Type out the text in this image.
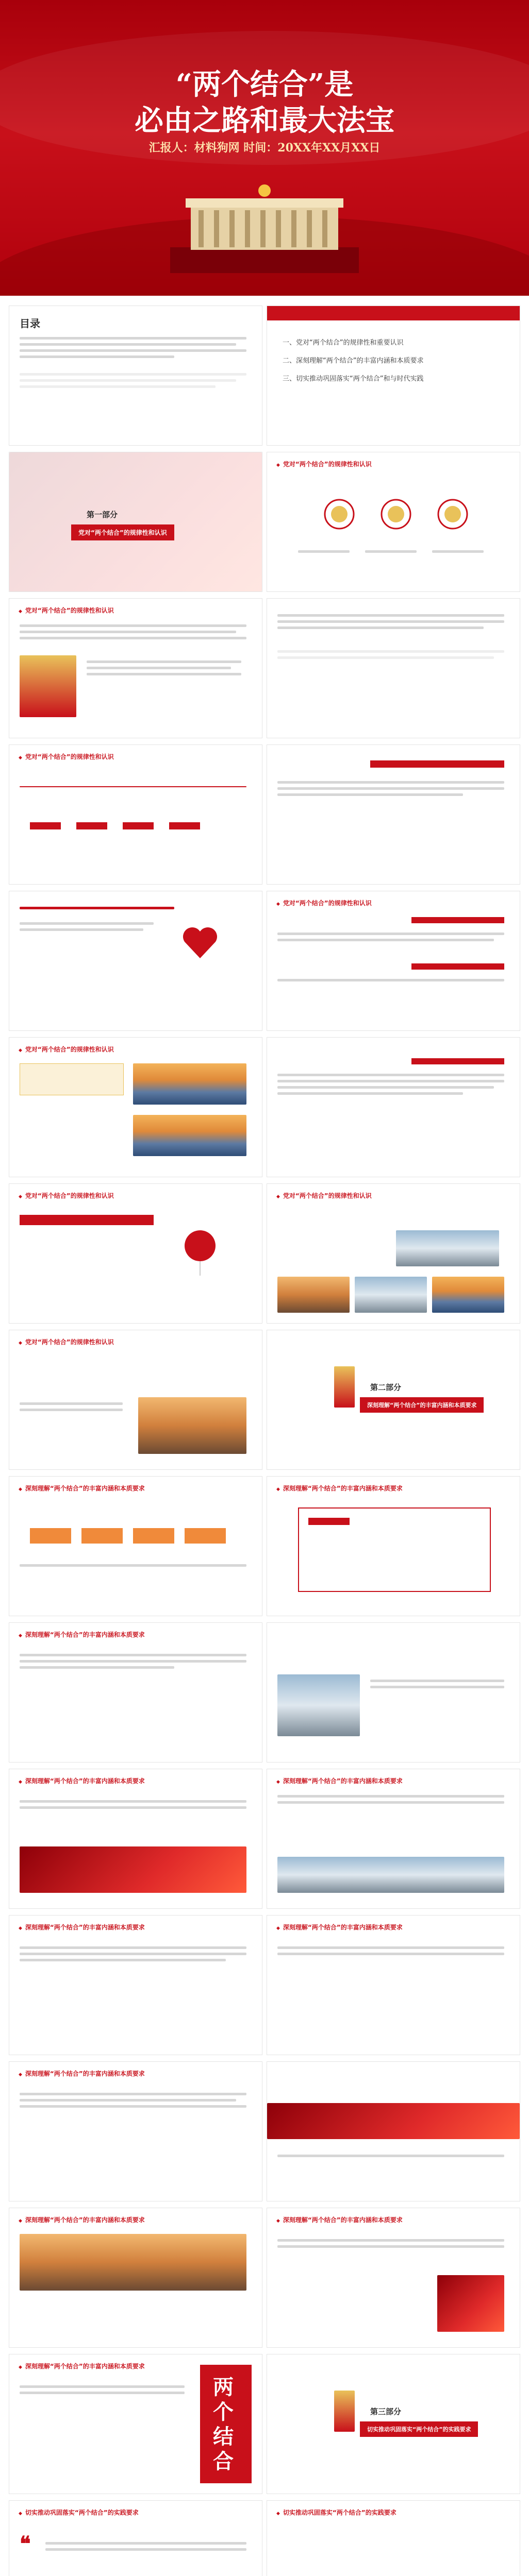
“两个结合”是
必由之路和最大法宝
汇报人：材料狗网 时间：20XX年XX月XX日
目录
一、党对“两个结合”的规律性和重要认识
二、深刻理解“两个结合”的丰富内涵和本质要求
三、切实推动巩固落实“两个结合”和与时代实践
第一部分
党对“两个结合”的规律性和认识
◆ 党对“两个结合”的规律性和认识
◆ 党对“两个结合”的规律性和认识
◆ 党对“两个结合”的规律性和认识
◆ 党对“两个结合”的规律性和认识
◆ 党对“两个结合”的规律性和认识
◆ 党对“两个结合”的规律性和认识	◆ 党对“两个结合”的规律性和认识
◆ 党对“两个结合”的规律性和认识
第二部分
深刻理解“两个结合”的丰富内涵和本质要求
◆ 深刻理解“两个结合”的丰富内涵和本质要求	◆ 深刻理解“两个结合”的丰富内涵和本质要求
◆ 深刻理解“两个结合”的丰富内涵和本质要求
◆ 深刻理解“两个结合”的丰富内涵和本质要求	◆ 深刻理解“两个结合”的丰富内涵和本质要求
◆ 深刻理解“两个结合”的丰富内涵和本质要求	◆ 深刻理解“两个结合”的丰富内涵和本质要求
◆ 深刻理解“两个结合”的丰富内涵和本质要求
◆ 深刻理解“两个结合”的丰富内涵和本质要求	◆ 深刻理解“两个结合”的丰富内涵和本质要求
◆ 深刻理解“两个结合”的丰富内涵和本质要求
两个结合
第三部分
切实推动巩固落实“两个结合”的实践要求
◆ 切实推动巩固落实“两个结合”的实践要求
❝
◆ 切实推动巩固落实“两个结合”的实践要求
